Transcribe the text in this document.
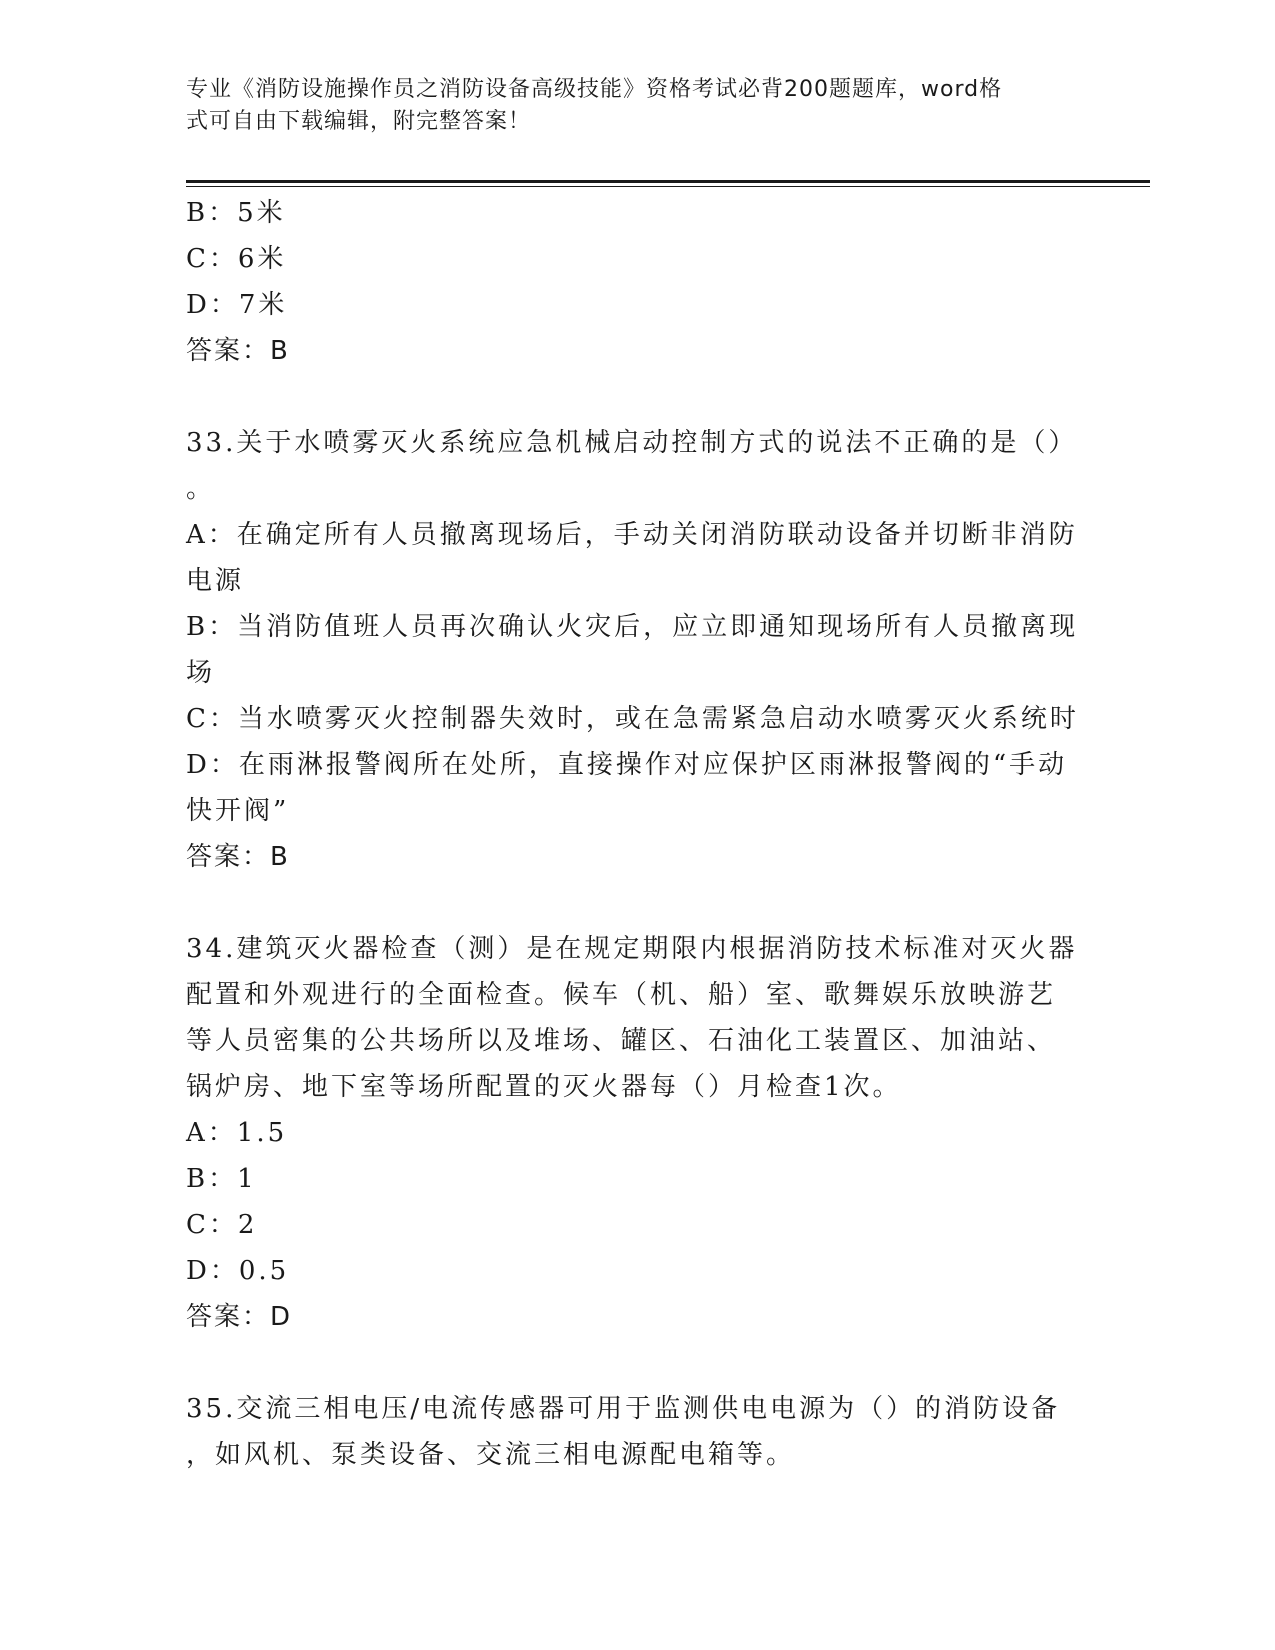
专业《消防设施操作员之消防设备高级技能》资格考试必背200题题库，word格
式可自由下载编辑，附完整答案！

B：5米

C：6米

D：7米

答案：B

33.关于水喷雾灭火系统应急机械启动控制方式的说法不正确的是（）

。

A：在确定所有人员撤离现场后，手动关闭消防联动设备并切断非消防

电源

B：当消防值班人员再次确认火灾后，应立即通知现场所有人员撤离现

场

C：当水喷雾灭火控制器失效时，或在急需紧急启动水喷雾灭火系统时

D：在雨淋报警阀所在处所，直接操作对应保护区雨淋报警阀的“手动

快开阀”

答案：B

34.建筑灭火器检查（测）是在规定期限内根据消防技术标准对灭火器

配置和外观进行的全面检查。候车（机、船）室、歌舞娱乐放映游艺

等人员密集的公共场所以及堆场、罐区、石油化工装置区、加油站、

锅炉房、地下室等场所配置的灭火器每（）月检查1次。

A：1.5

B：1

C：2

D：0.5

答案：D

35.交流三相电压/电流传感器可用于监测供电电源为（）的消防设备

，如风机、泵类设备、交流三相电源配电箱等。
